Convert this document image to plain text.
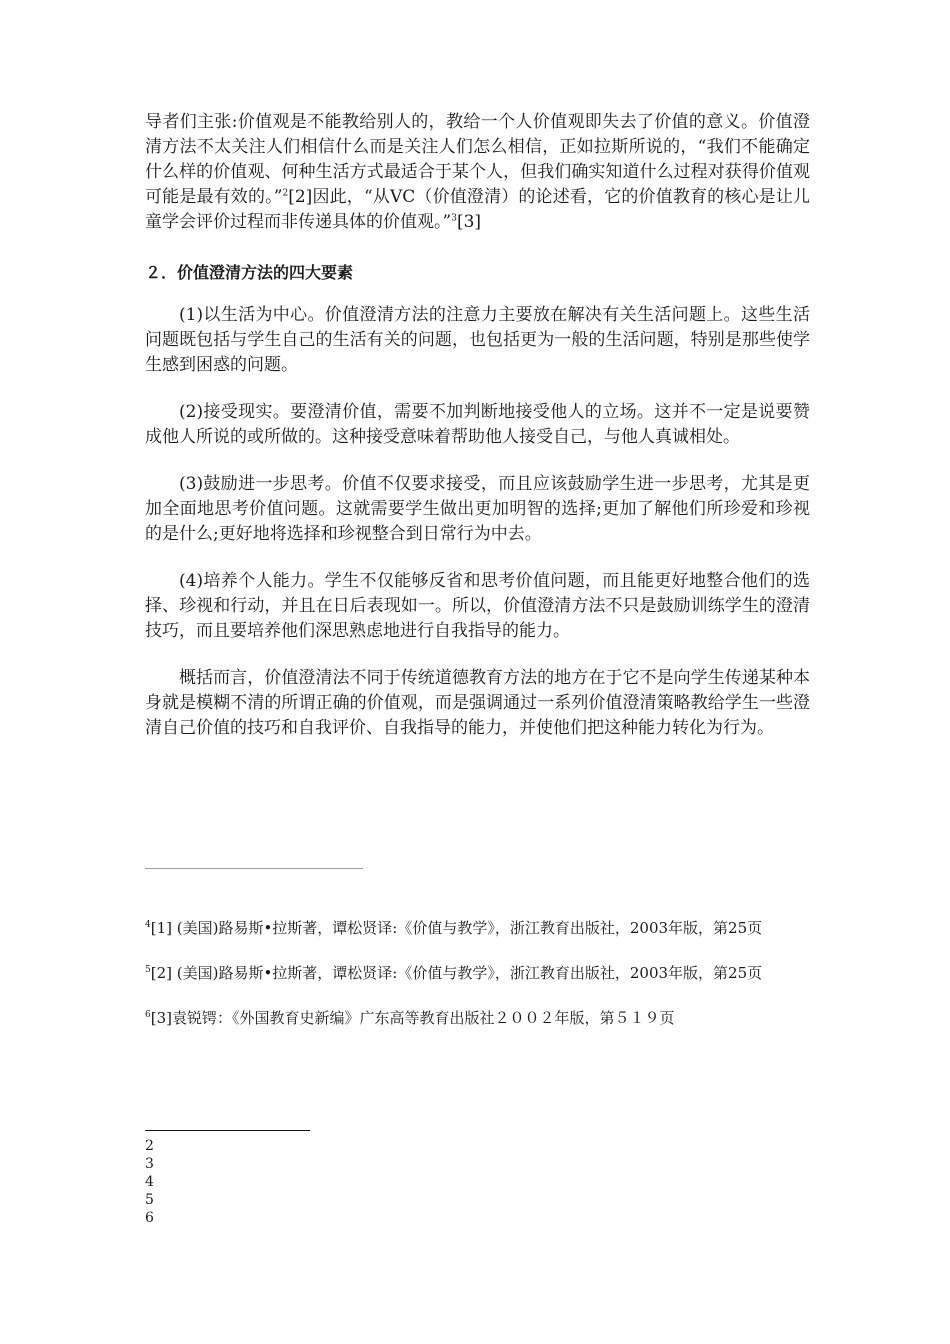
导者们主张:价值观是不能教给别人的，教给一个人价值观即失去了价值的意义。价值澄清方法不太关注人们相信什么而是关注人们怎么相信，正如拉斯所说的，“我们不能确定什么样的价值观、何种生活方式最适合于某个人，但我们确实知道什么过程对获得价值观可能是最有效的。”$^2$[2]因此，“从VC（价值澄清）的论述看，它的价值教育的核心是让儿童学会评价过程而非传递具体的价值观。”$^3$[3]

２．价值澄清方法的四大要素

(1)以生活为中心。价值澄清方法的注意力主要放在解决有关生活问题上。这些生活问题既包括与学生自己的生活有关的问题，也包括更为一般的生活问题，特别是那些使学生感到困惑的问题。

(2)接受现实。要澄清价值，需要不加判断地接受他人的立场。这并不一定是说要赞成他人所说的或所做的。这种接受意味着帮助他人接受自己，与他人真诚相处。

(3)鼓励进一步思考。价值不仅要求接受，而且应该鼓励学生进一步思考，尤其是更加全面地思考价值问题。这就需要学生做出更加明智的选择;更加了解他们所珍爱和珍视的是什么;更好地将选择和珍视整合到日常行为中去。

(4)培养个人能力。学生不仅能够反省和思考价值问题，而且能更好地整合他们的选择、珍视和行动，并且在日后表现如一。所以，价值澄清方法不只是鼓励训练学生的澄清技巧，而且要培养他们深思熟虑地进行自我指导的能力。

概括而言，价值澄清法不同于传统道德教育方法的地方在于它不是向学生传递某种本身就是模糊不清的所谓正确的价值观，而是强调通过一系列价值澄清策略教给学生一些澄清自己价值的技巧和自我评价、自我指导的能力，并使他们把这种能力转化为行为。

$^4$[1] (美国)路易斯•拉斯著，谭松贤译:《价值与教学》，浙江教育出版社，2003年版，第25页

$^5$[2] (美国)路易斯•拉斯著，谭松贤译:《价值与教学》，浙江教育出版社，2003年版，第25页

$^6$[3]袁锐锷：《外国教育史新编》广东高等教育出版社２００２年版，第５１９页

2
3
4
5
6
